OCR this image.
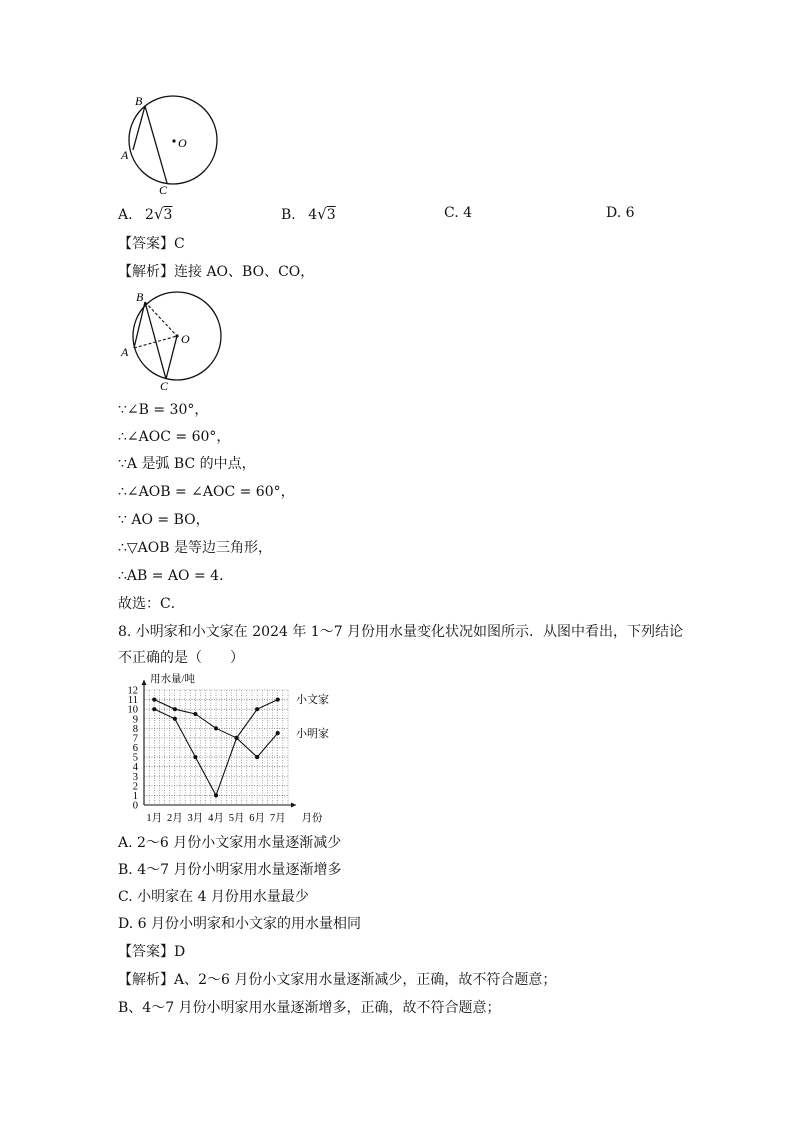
B
A
O
C
A. 2√3	B. 4√3	C. 4	D. 6
【答案】C
【解析】连接 AO、BO、CO，
B
A
O
C
∵∠B = 30°，
∴∠AOC = 60°，
∵A 是弧 BC 的中点，
∴∠AOB = ∠AOC = 60°，
∵ AO = BO，
∴▽AOB 是等边三角形，
∴AB = AO = 4．
故选：C．
8. 小明家和小文家在 2024 年 1～7 月份用水量变化状况如图所示．从图中看出，下列结论
不正确的是（　　）
0
1
2
3
4
5
6
7
8
9
10
11
12
用水量/吨
1月 2月 3月 4月 5月 6月 7月 月份
小明家
小文家
A. 2～6 月份小文家用水量逐渐减少
B. 4～7 月份小明家用水量逐渐增多
C. 小明家在 4 月份用水量最少
D. 6 月份小明家和小文家的用水量相同
【答案】D
【解析】A、2～6 月份小文家用水量逐渐减少，正确，故不符合题意；
B、4～7 月份小明家用水量逐渐增多，正确，故不符合题意；
